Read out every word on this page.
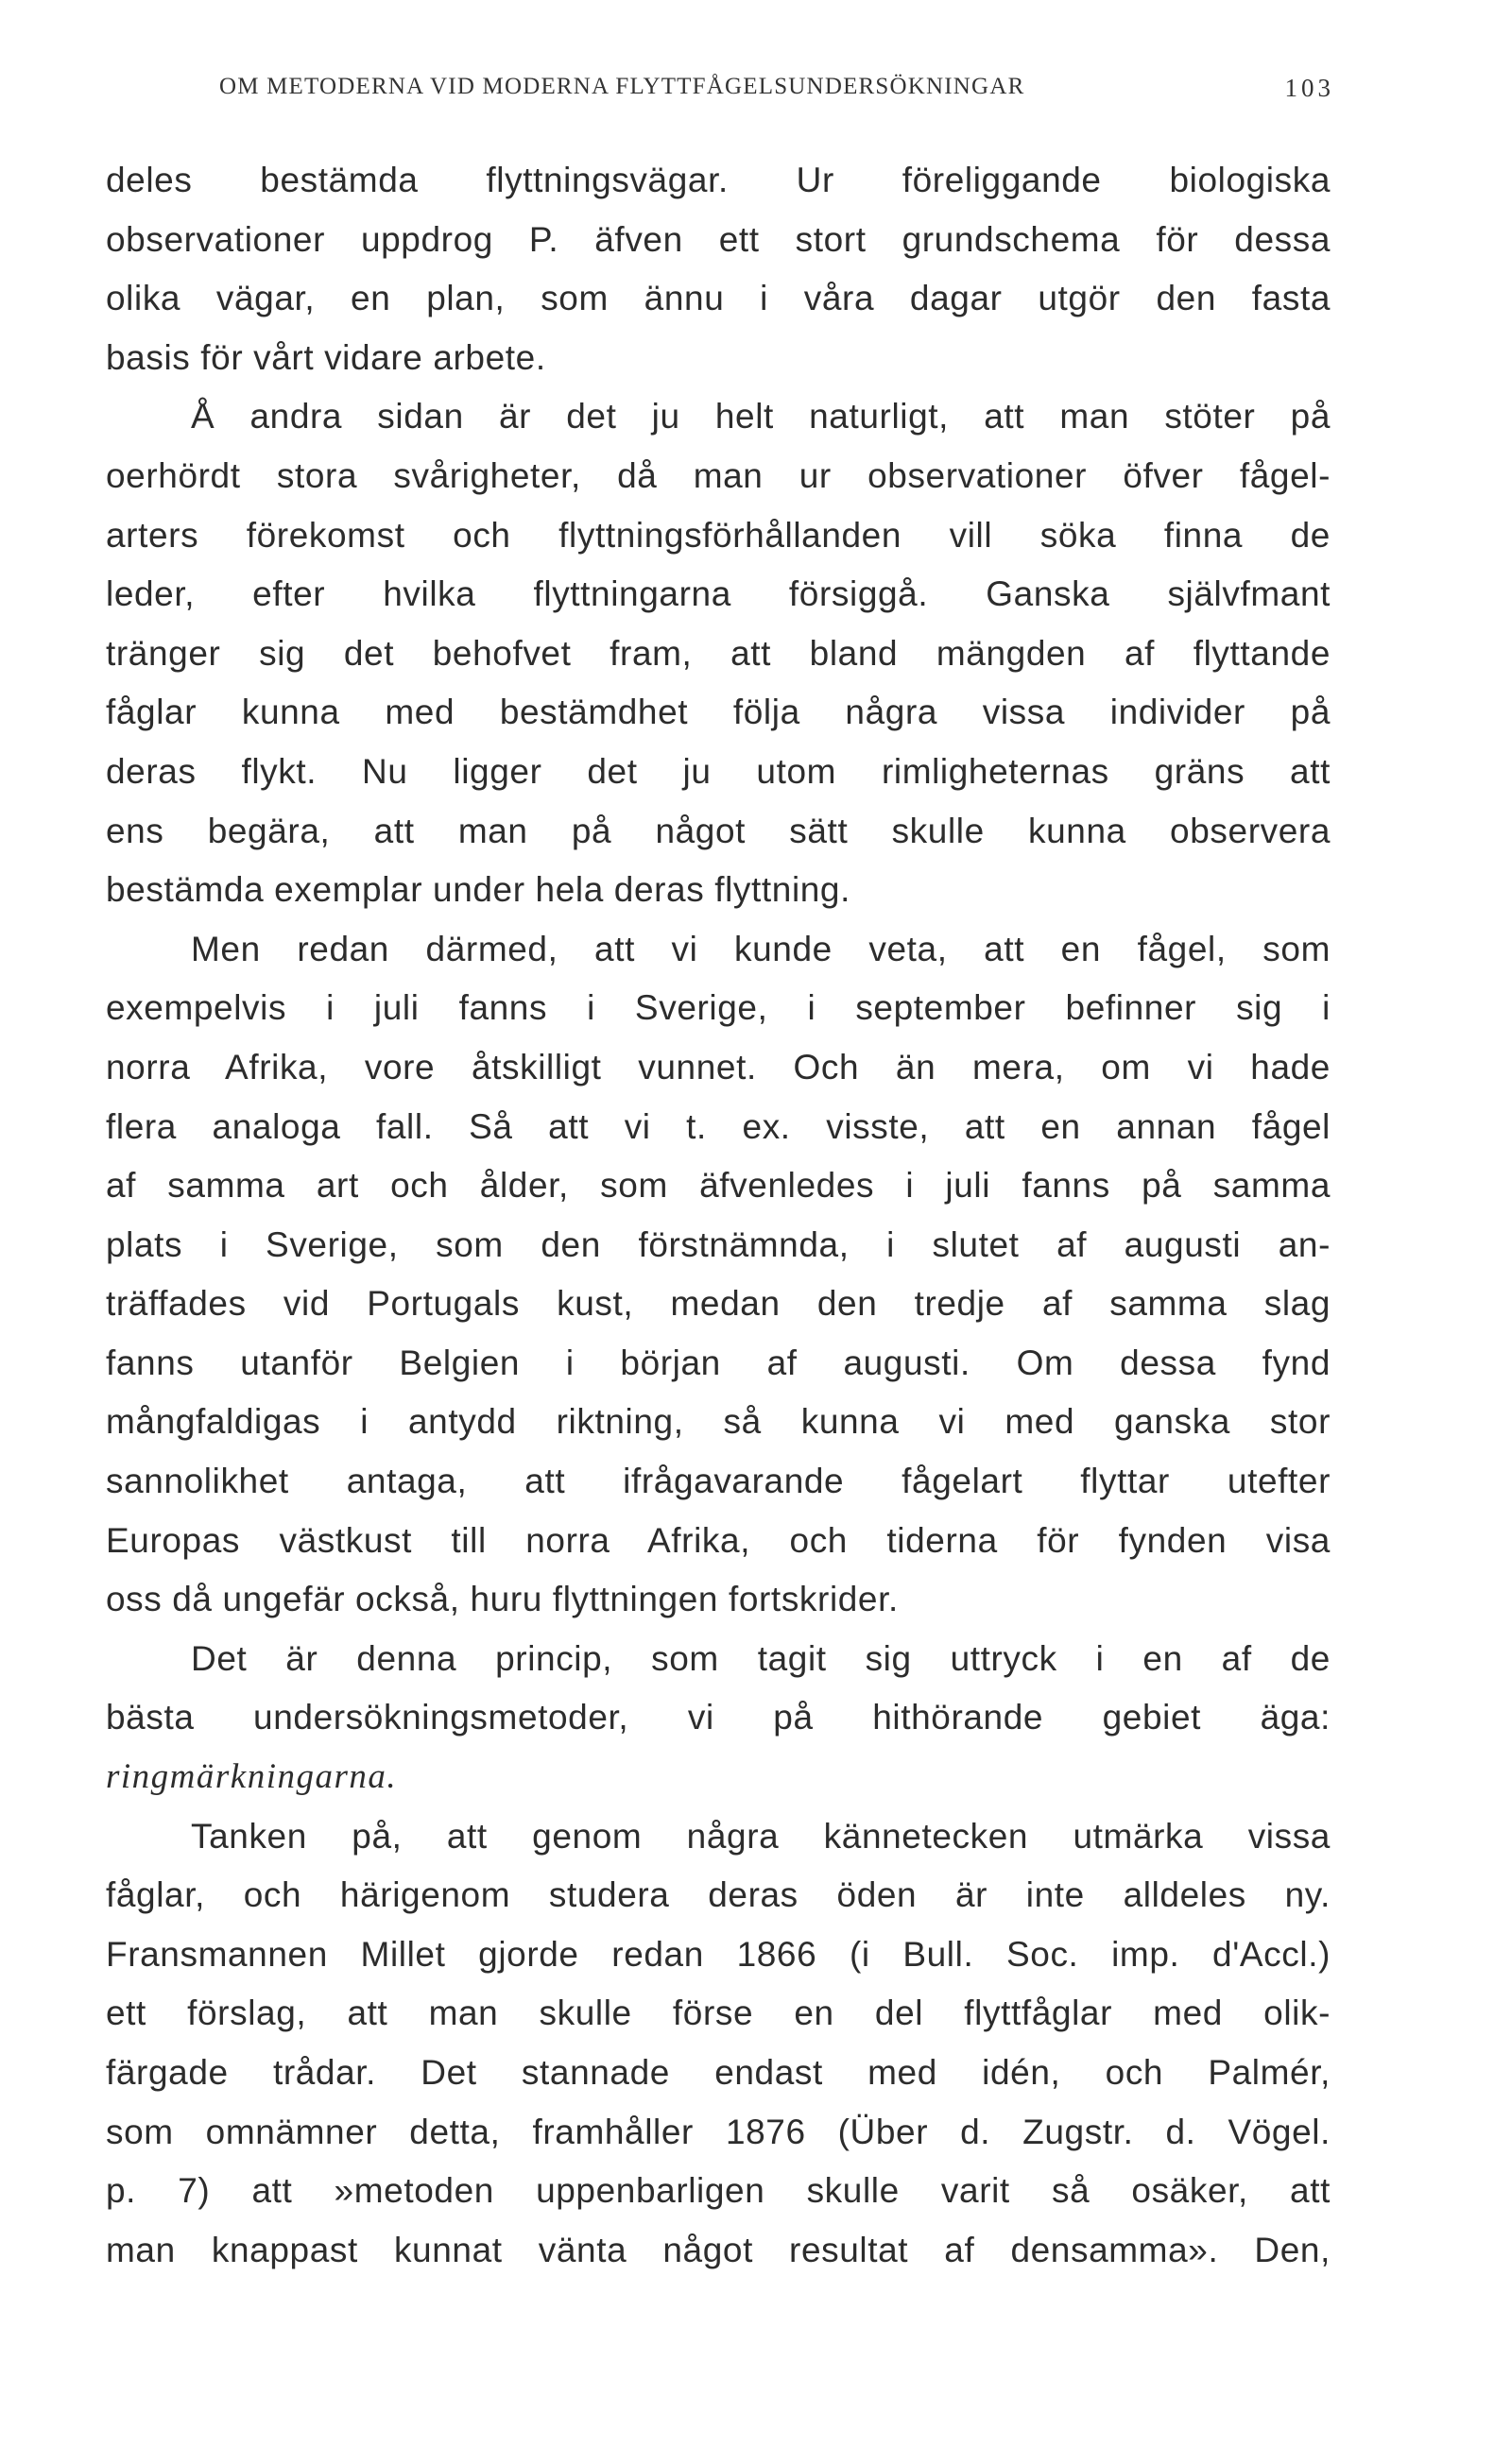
OM METODERNA VID MODERNA FLYTTFÅGELSUNDERSÖKNINGAR	103
deles bestämda flyttningsvägar. Ur föreliggande biologiska
observationer uppdrog P. äfven ett stort grundschema för dessa
olika vägar, en plan, som ännu i våra dagar utgör den fasta
basis för vårt vidare arbete.
Å andra sidan är det ju helt naturligt, att man stöter på
oerhördt stora svårigheter, då man ur observationer öfver fågel-
arters förekomst och flyttningsförhållanden vill söka finna de
leder, efter hvilka flyttningarna försiggå. Ganska självfmant
tränger sig det behofvet fram, att bland mängden af flyttande
fåglar kunna med bestämdhet följa några vissa individer på
deras flykt. Nu ligger det ju utom rimligheternas gräns att
ens begära, att man på något sätt skulle kunna observera
bestämda exemplar under hela deras flyttning.
Men redan därmed, att vi kunde veta, att en fågel, som
exempelvis i juli fanns i Sverige, i september befinner sig i
norra Afrika, vore åtskilligt vunnet. Och än mera, om vi hade
flera analoga fall. Så att vi t. ex. visste, att en annan fågel
af samma art och ålder, som äfvenledes i juli fanns på samma
plats i Sverige, som den förstnämnda, i slutet af augusti an-
träffades vid Portugals kust, medan den tredje af samma slag
fanns utanför Belgien i början af augusti. Om dessa fynd
mångfaldigas i antydd riktning, så kunna vi med ganska stor
sannolikhet antaga, att ifrågavarande fågelart flyttar utefter
Europas västkust till norra Afrika, och tiderna för fynden visa
oss då ungefär också, huru flyttningen fortskrider.
Det är denna princip, som tagit sig uttryck i en af de
bästa undersökningsmetoder, vi på hithörande gebiet äga:
ringmärkningarna.
Tanken på, att genom några kännetecken utmärka vissa
fåglar, och härigenom studera deras öden är inte alldeles ny.
Fransmannen Millet gjorde redan 1866 (i Bull. Soc. imp. d'Accl.)
ett förslag, att man skulle förse en del flyttfåglar med olik-
färgade trådar. Det stannade endast med idén, och Palmér,
som omnämner detta, framhåller 1876 (Über d. Zugstr. d. Vögel.
p. 7) att »metoden uppenbarligen skulle varit så osäker, att
man knappast kunnat vänta något resultat af densamma». Den,
